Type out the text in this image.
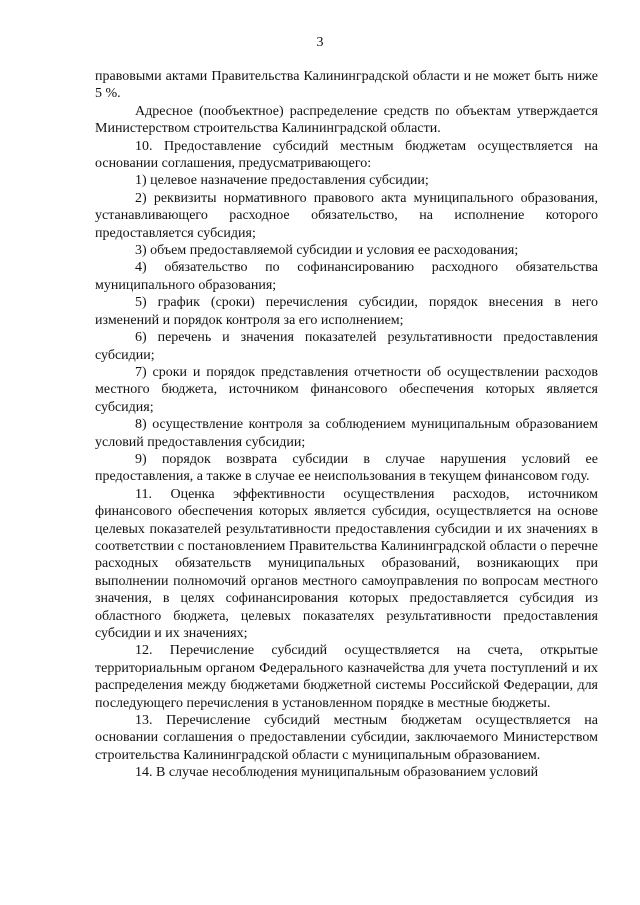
3

правовыми актами Правительства Калининградской области и не может быть ниже 5 %.

Адресное (пообъектное) распределение средств по объектам утверждается Министерством строительства Калининградской области.

10. Предоставление субсидий местным бюджетам осуществляется на основании соглашения, предусматривающего:

1) целевое назначение предоставления субсидии;

2) реквизиты нормативного правового акта муниципального образования, устанавливающего расходное обязательство, на исполнение которого предоставляется субсидия;

3) объем предоставляемой субсидии и условия ее расходования;

4) обязательство по софинансированию расходного обязательства муниципального образования;

5) график (сроки) перечисления субсидии, порядок внесения в него изменений и порядок контроля за его исполнением;

6) перечень и значения показателей результативности предоставления субсидии;

7) сроки и порядок представления отчетности об осуществлении расходов местного бюджета, источником финансового обеспечения которых является субсидия;

8) осуществление контроля за соблюдением муниципальным образованием условий предоставления субсидии;

9) порядок возврата субсидии в случае нарушения условий ее предоставления, а также в случае ее неиспользования в текущем финансовом году.

11. Оценка эффективности осуществления расходов, источником финансового обеспечения которых является субсидия, осуществляется на основе целевых показателей результативности предоставления субсидии и их значениях в соответствии с постановлением Правительства Калининградской области о перечне расходных обязательств муниципальных образований, возникающих при выполнении полномочий органов местного самоуправления по вопросам местного значения, в целях софинансирования которых предоставляется субсидия из областного бюджета, целевых показателях результативности предоставления субсидии и их значениях;

12. Перечисление субсидий осуществляется на счета, открытые территориальным органом Федерального казначейства для учета поступлений и их распределения между бюджетами бюджетной системы Российской Федерации, для последующего перечисления в установленном порядке в местные бюджеты.

13. Перечисление субсидий местным бюджетам осуществляется на основании соглашения о предоставлении субсидии, заключаемого Министерством строительства Калининградской области с муниципальным образованием.

14. В случае несоблюдения муниципальным образованием условий
